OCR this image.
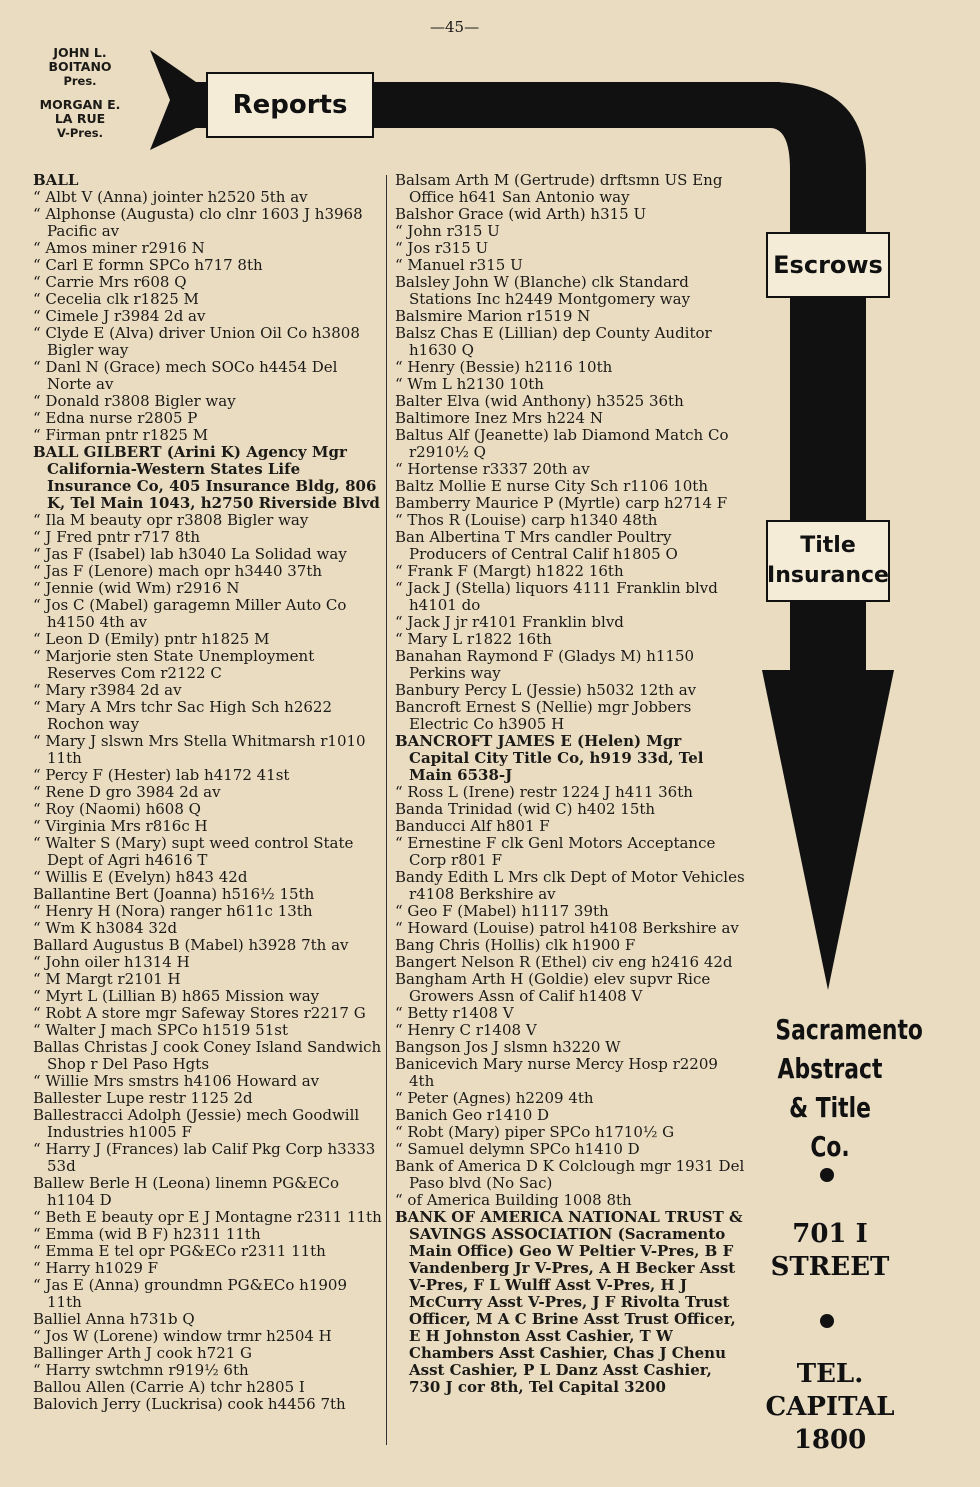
—45—
JOHN L. BOITANO
Pres.
MORGAN E. LA RUE
V-Pres.
Reports
Escrows
Title Insurance

BALL

“ Albt V (Anna) jointer h2520 5th av

“ Alphonse (Augusta) clo clnr 1603 J h3968 Pacific av

“ Amos miner r2916 N

“ Carl E formn SPCo h717 8th

“ Carrie Mrs r608 Q

“ Cecelia clk r1825 M

“ Cimele J r3984 2d av

“ Clyde E (Alva) driver Union Oil Co h3808 Bigler way

“ Danl N (Grace) mech SOCo h4454 Del Norte av

“ Donald r3808 Bigler way

“ Edna nurse r2805 P

“ Firman pntr r1825 M

BALL GILBERT (Arini K) Agency Mgr California-Western States Life Insurance Co, 405 Insurance Bldg, 806 K, Tel Main 1043, h2750 Riverside Blvd

“ Ila M beauty opr r3808 Bigler way

“ J Fred pntr r717 8th

“ Jas F (Isabel) lab h3040 La Solidad way

“ Jas F (Lenore) mach opr h3440 37th

“ Jennie (wid Wm) r2916 N

“ Jos C (Mabel) garagemn Miller Auto Co h4150 4th av

“ Leon D (Emily) pntr h1825 M

“ Marjorie sten State Unemployment Reserves Com r2122 C

“ Mary r3984 2d av

“ Mary A Mrs tchr Sac High Sch h2622 Rochon way

“ Mary J slswn Mrs Stella Whitmarsh r1010 11th

“ Percy F (Hester) lab h4172 41st

“ Rene D gro 3984 2d av

“ Roy (Naomi) h608 Q

“ Virginia Mrs r816c H

“ Walter S (Mary) supt weed control State Dept of Agri h4616 T

“ Willis E (Evelyn) h843 42d

Ballantine Bert (Joanna) h516½ 15th

“ Henry H (Nora) ranger h611c 13th

“ Wm K h3084 32d

Ballard Augustus B (Mabel) h3928 7th av

“ John oiler h1314 H

“ M Margt r2101 H

“ Myrt L (Lillian B) h865 Mission way

“ Robt A store mgr Safeway Stores r2217 G

“ Walter J mach SPCo h1519 51st

Ballas Christas J cook Coney Island Sandwich Shop r Del Paso Hgts

“ Willie Mrs smstrs h4106 Howard av

Ballester Lupe restr 1125 2d

Ballestracci Adolph (Jessie) mech Goodwill Industries h1005 F

“ Harry J (Frances) lab Calif Pkg Corp h3333 53d

Ballew Berle H (Leona) linemn PG&ECo h1104 D

“ Beth E beauty opr E J Montagne r2311 11th

“ Emma (wid B F) h2311 11th

“ Emma E tel opr PG&ECo r2311 11th

“ Harry h1029 F

“ Jas E (Anna) groundmn PG&ECo h1909 11th

Balliel Anna h731b Q

“ Jos W (Lorene) window trmr h2504 H

Ballinger Arth J cook h721 G

“ Harry swtchmn r919½ 6th

Ballou Allen (Carrie A) tchr h2805 I

Balovich Jerry (Luckrisa) cook h4456 7th

Balsam Arth M (Gertrude) drftsmn US Eng Office h641 San Antonio way

Balshor Grace (wid Arth) h315 U

“ John r315 U

“ Jos r315 U

“ Manuel r315 U

Balsley John W (Blanche) clk Standard Stations Inc h2449 Montgomery way

Balsmire Marion r1519 N

Balsz Chas E (Lillian) dep County Auditor h1630 Q

“ Henry (Bessie) h2116 10th

“ Wm L h2130 10th

Balter Elva (wid Anthony) h3525 36th

Baltimore Inez Mrs h224 N

Baltus Alf (Jeanette) lab Diamond Match Co r2910½ Q

“ Hortense r3337 20th av

Baltz Mollie E nurse City Sch r1106 10th

Bamberry Maurice P (Myrtle) carp h2714 F

“ Thos R (Louise) carp h1340 48th

Ban Albertina T Mrs candler Poultry Producers of Central Calif h1805 O

“ Frank F (Margt) h1822 16th

“ Jack J (Stella) liquors 4111 Franklin blvd h4101 do

“ Jack J jr r4101 Franklin blvd

“ Mary L r1822 16th

Banahan Raymond F (Gladys M) h1150 Perkins way

Banbury Percy L (Jessie) h5032 12th av

Bancroft Ernest S (Nellie) mgr Jobbers Electric Co h3905 H

BANCROFT JAMES E (Helen) Mgr Capital City Title Co, h919 33d, Tel Main 6538-J

“ Ross L (Irene) restr 1224 J h411 36th

Banda Trinidad (wid C) h402 15th

Banducci Alf h801 F

“ Ernestine F clk Genl Motors Acceptance Corp r801 F

Bandy Edith L Mrs clk Dept of Motor Vehicles r4108 Berkshire av

“ Geo F (Mabel) h1117 39th

“ Howard (Louise) patrol h4108 Berkshire av

Bang Chris (Hollis) clk h1900 F

Bangert Nelson R (Ethel) civ eng h2416 42d

Bangham Arth H (Goldie) elev supvr Rice Growers Assn of Calif h1408 V

“ Betty r1408 V

“ Henry C r1408 V

Bangson Jos J slsmn h3220 W

Banicevich Mary nurse Mercy Hosp r2209 4th

“ Peter (Agnes) h2209 4th

Banich Geo r1410 D

“ Robt (Mary) piper SPCo h1710½ G

“ Samuel delymn SPCo h1410 D

Bank of America D K Colclough mgr 1931 Del Paso blvd (No Sac)

“ of America Building 1008 8th

BANK OF AMERICA NATIONAL TRUST & SAVINGS ASSOCIATION (Sacramento Main Office) Geo W Peltier V-Pres, B F Vandenberg Jr V-Pres, A H Becker Asst V-Pres, F L Wulff Asst V-Pres, H J McCurry Asst V-Pres, J F Rivolta Trust Officer, M A C Brine Asst Trust Officer, E H Johnston Asst Cashier, T W Chambers Asst Cashier, Chas J Chenu Asst Cashier, P L Danz Asst Cashier, 730 J cor 8th, Tel Capital 3200

Sacramento Abstract & Title Co.
701 I STREET
TEL. CAPITAL 1800
